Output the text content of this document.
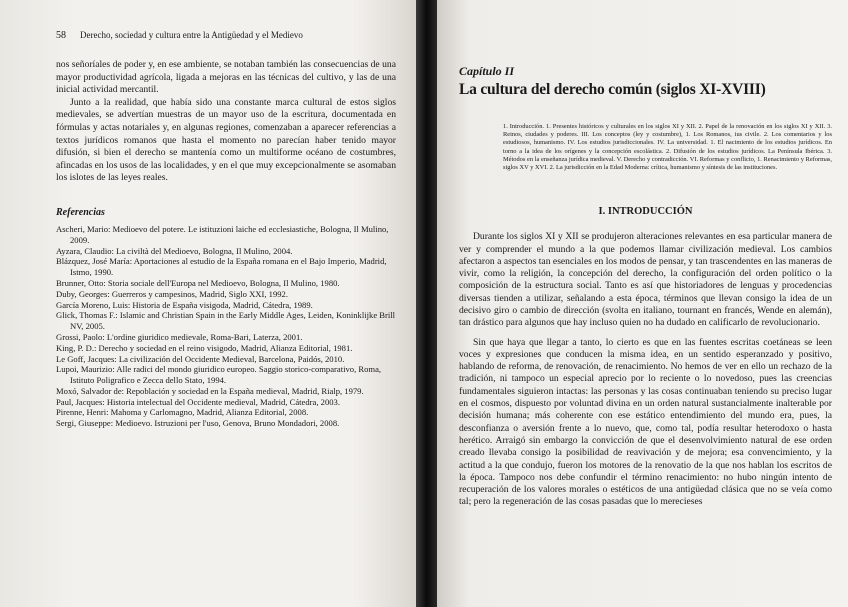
58 Derecho, sociedad y cultura entre la Antigüedad y el Medievo

nos señoríales de poder y, en ese ambiente, se notaban también las consecuencias de una mayor productividad agrícola, ligada a mejoras en las técnicas del cultivo, y las de una inicial actividad mercantil.

Junto a la realidad, que había sido una constante marca cultural de estos siglos medievales, se advertían muestras de un mayor uso de la escritura, documentada en fórmulas y actas notariales y, en algunas regiones, comenzaban a aparecer referencias a textos jurídicos romanos que hasta el momento no parecían haber tenido mayor difusión, si bien el derecho se mantenía como un multiforme océano de costumbres, afincadas en los usos de las localidades, y en el que muy excepcionalmente se asomaban los islotes de las leyes reales.

Referencias
Ascheri, Mario: Medioevo del potere. Le istituzioni laiche ed ecclesiastiche, Bologna, Il Mulino, 2009.
Ayzara, Claudio: La civiltà del Medioevo, Bologna, Il Mulino, 2004.
Blázquez, José María: Aportaciones al estudio de la España romana en el Bajo Imperio, Madrid, Istmo, 1990.
Brunner, Otto: Storia sociale dell'Europa nel Medioevo, Bologna, Il Mulino, 1980.
Duby, Georges: Guerreros y campesinos, Madrid, Siglo XXI, 1992.
García Moreno, Luis: Historia de España visigoda, Madrid, Cátedra, 1989.
Glick, Thomas F.: Islamic and Christian Spain in the Early Middle Ages, Leiden, Koninklijke Brill NV, 2005.
Grossi, Paolo: L'ordine giuridico medievale, Roma-Bari, Laterza, 2001.
King, P. D.: Derecho y sociedad en el reino visigodo, Madrid, Alianza Editorial, 1981.
Le Goff, Jacques: La civilización del Occidente Medieval, Barcelona, Paidós, 2010.
Lupoi, Maurizio: Alle radici del mondo giuridico europeo. Saggio storico-comparativo, Roma, Istituto Poligrafico e Zecca dello Stato, 1994.
Moxó, Salvador de: Repoblación y sociedad en la España medieval, Madrid, Rialp, 1979.
Paul, Jacques: Historia intelectual del Occidente medieval, Madrid, Cátedra, 2003.
Pirenne, Henri: Mahoma y Carlomagno, Madrid, Alianza Editorial, 2008.
Sergi, Giuseppe: Medioevo. Istruzioni per l'uso, Genova, Bruno Mondadori, 2008.
Capítulo II
La cultura del derecho común (siglos XI-XVIII)
1. Introducción. 1. Presentes históricos y culturales en los siglos XI y XII. 2. Papel de la renovación en los siglos XI y XII. 3. Reinos, ciudades y poderes. III. Los conceptos (ley y costumbre), 1. Los Romanos, ius civile. 2. Los comentarios y los estudiosos, humanismo. IV. Los estudios jurisdiccionales. IV. La universidad. 1. El nacimiento de los estudios jurídicos. En torno a la idea de los orígenes y la concepción escolástica. 2. Difusión de los estudios jurídicos. La Península Ibérica. 3. Métodos en la enseñanza jurídica medieval. V. Derecho y contradicción. VI. Reformas y conflicto, 1. Renacimiento y Reformas, siglos XV y XVI. 2. La jurisdicción en la Edad Moderna: crítica, humanismo y síntesis de las instituciones.
I. INTRODUCCIÓN

Durante los siglos XI y XII se produjeron alteraciones relevantes en esa particular manera de ver y comprender el mundo a la que podemos llamar civilización medieval. Los cambios afectaron a aspectos tan esenciales en los modos de pensar, y tan trascendentes en las maneras de vivir, como la religión, la concepción del derecho, la configuración del orden político o la composición de la estructura social. Tanto es así que historiadores de lenguas y procedencias diversas tienden a utilizar, señalando a esta época, términos que llevan consigo la idea de un decisivo giro o cambio de dirección (svolta en italiano, tournant en francés, Wende en alemán), tan drástico para algunos que hay incluso quien no ha dudado en calificarlo de revolucionario.

Sin que haya que llegar a tanto, lo cierto es que en las fuentes escritas coetáneas se leen voces y expresiones que conducen la misma idea, en un sentido esperanzado y positivo, hablando de reforma, de renovación, de renacimiento. No hemos de ver en ello un rechazo de la tradición, ni tampoco un especial aprecio por lo reciente o lo novedoso, pues las creencias fundamentales siguieron intactas: las personas y las cosas continuaban teniendo su preciso lugar en el cosmos, dispuesto por voluntad divina en un orden natural sustancialmente inalterable por decisión humana; más coherente con ese estático entendimiento del mundo era, pues, la desconfianza o aversión frente a lo nuevo, que, como tal, podía resultar heterodoxo o hasta herético. Arraigó sin embargo la convicción de que el desenvolvimiento natural de ese orden creado llevaba consigo la posibilidad de reavivación y de mejora; esa convencimiento, y la actitud a la que condujo, fueron los motores de la renovatio de la que nos hablan los escritos de la época. Tampoco nos debe confundir el término renacimiento: no hubo ningún intento de recuperación de los valores morales o estéticos de una antigüedad clásica que no se veía como tal; pero la regeneración de las cosas pasadas que lo merecieses
